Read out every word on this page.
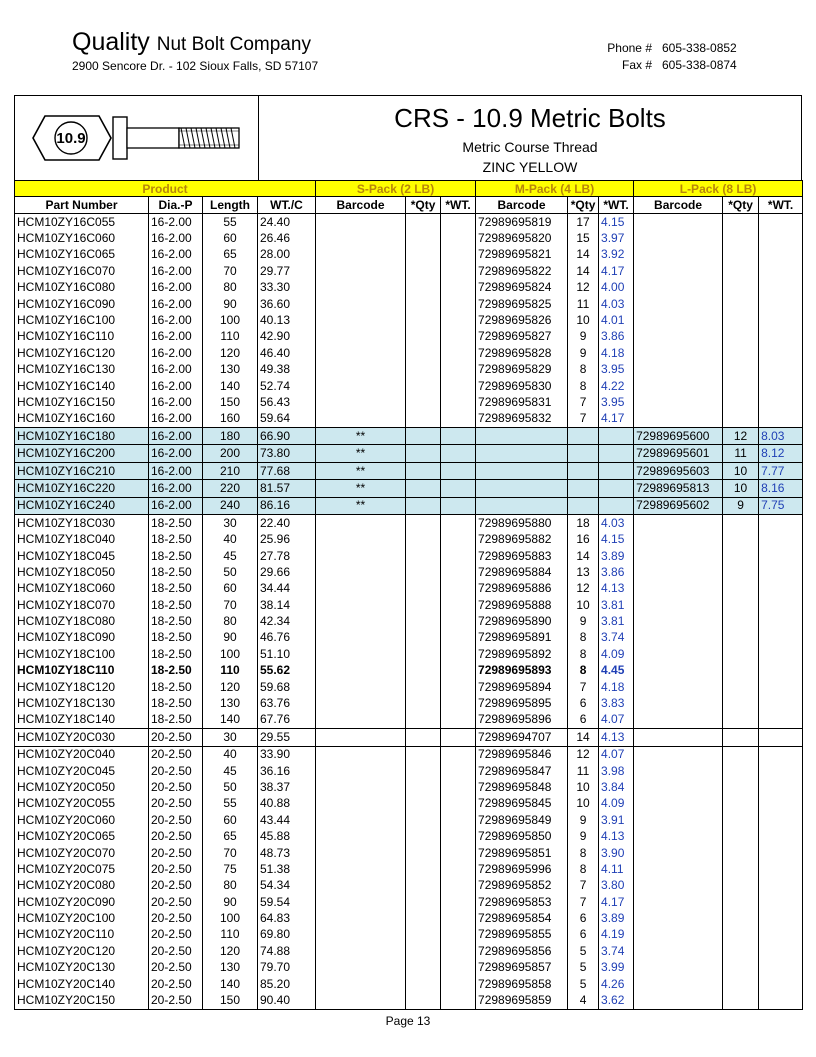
Quality Nut Bolt Company
2900 Sencore Dr. - 102 Sioux Falls, SD 57107
Phone # 605-338-0852
Fax # 605-338-0874
10.9
CRS - 10.9 Metric Bolts
Metric Course Thread
ZINC YELLOW
Product				S-Pack (2 LB)			M-Pack (4 LB)			L-Pack (8 LB)		
Part Number	Dia.-P	Length	WT./C	Barcode	*Qty	*WT.	Barcode	*Qty	*WT.	Barcode	*Qty	*WT.
HCM10ZY16C055	16-2.00	55	24.40				72989695819	17	4.15			
HCM10ZY16C060	16-2.00	60	26.46				72989695820	15	3.97			
HCM10ZY16C065	16-2.00	65	28.00				72989695821	14	3.92			
HCM10ZY16C070	16-2.00	70	29.77				72989695822	14	4.17			
HCM10ZY16C080	16-2.00	80	33.30				72989695824	12	4.00			
HCM10ZY16C090	16-2.00	90	36.60				72989695825	11	4.03			
HCM10ZY16C100	16-2.00	100	40.13				72989695826	10	4.01			
HCM10ZY16C110	16-2.00	110	42.90				72989695827	9	3.86			
HCM10ZY16C120	16-2.00	120	46.40				72989695828	9	4.18			
HCM10ZY16C130	16-2.00	130	49.38				72989695829	8	3.95			
HCM10ZY16C140	16-2.00	140	52.74				72989695830	8	4.22			
HCM10ZY16C150	16-2.00	150	56.43				72989695831	7	3.95			
HCM10ZY16C160	16-2.00	160	59.64				72989695832	7	4.17			
HCM10ZY16C180	16-2.00	180	66.90	**						72989695600	12	8.03
HCM10ZY16C200	16-2.00	200	73.80	**						72989695601	11	8.12
HCM10ZY16C210	16-2.00	210	77.68	**						72989695603	10	7.77
HCM10ZY16C220	16-2.00	220	81.57	**						72989695813	10	8.16
HCM10ZY16C240	16-2.00	240	86.16	**						72989695602	9	7.75
HCM10ZY18C030	18-2.50	30	22.40				72989695880	18	4.03			
HCM10ZY18C040	18-2.50	40	25.96				72989695882	16	4.15			
HCM10ZY18C045	18-2.50	45	27.78				72989695883	14	3.89			
HCM10ZY18C050	18-2.50	50	29.66				72989695884	13	3.86			
HCM10ZY18C060	18-2.50	60	34.44				72989695886	12	4.13			
HCM10ZY18C070	18-2.50	70	38.14				72989695888	10	3.81			
HCM10ZY18C080	18-2.50	80	42.34				72989695890	9	3.81			
HCM10ZY18C090	18-2.50	90	46.76				72989695891	8	3.74			
HCM10ZY18C100	18-2.50	100	51.10				72989695892	8	4.09			
HCM10ZY18C110	18-2.50	110	55.62				72989695893	8	4.45			
HCM10ZY18C120	18-2.50	120	59.68				72989695894	7	4.18			
HCM10ZY18C130	18-2.50	130	63.76				72989695895	6	3.83			
HCM10ZY18C140	18-2.50	140	67.76				72989695896	6	4.07			
HCM10ZY20C030	20-2.50	30	29.55				72989694707	14	4.13			
HCM10ZY20C040	20-2.50	40	33.90				72989695846	12	4.07			
HCM10ZY20C045	20-2.50	45	36.16				72989695847	11	3.98			
HCM10ZY20C050	20-2.50	50	38.37				72989695848	10	3.84			
HCM10ZY20C055	20-2.50	55	40.88				72989695845	10	4.09			
HCM10ZY20C060	20-2.50	60	43.44				72989695849	9	3.91			
HCM10ZY20C065	20-2.50	65	45.88				72989695850	9	4.13			
HCM10ZY20C070	20-2.50	70	48.73				72989695851	8	3.90			
HCM10ZY20C075	20-2.50	75	51.38				72989695996	8	4.11			
HCM10ZY20C080	20-2.50	80	54.34				72989695852	7	3.80			
HCM10ZY20C090	20-2.50	90	59.54				72989695853	7	4.17			
HCM10ZY20C100	20-2.50	100	64.83				72989695854	6	3.89			
HCM10ZY20C110	20-2.50	110	69.80				72989695855	6	4.19			
HCM10ZY20C120	20-2.50	120	74.88				72989695856	5	3.74			
HCM10ZY20C130	20-2.50	130	79.70				72989695857	5	3.99			
HCM10ZY20C140	20-2.50	140	85.20				72989695858	5	4.26			
HCM10ZY20C150	20-2.50	150	90.40				72989695859	4	3.62			
Page 13
